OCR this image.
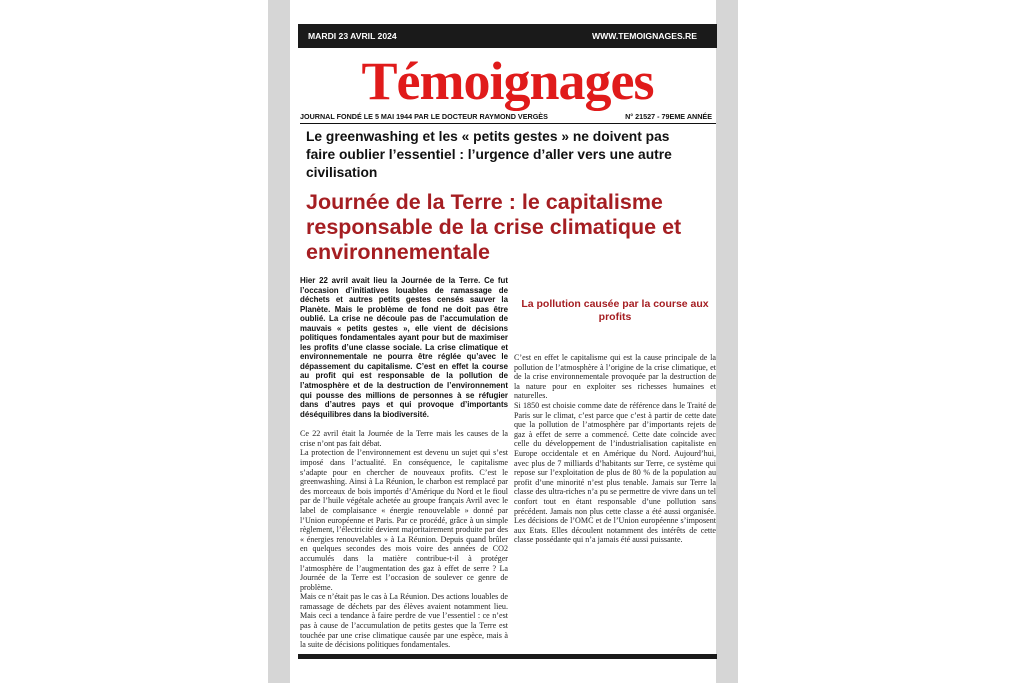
MARDI 23 AVRIL 2024	WWW.TEMOIGNAGES.RE
Témoignages
JOURNAL FONDÉ LE 5 MAI 1944 PAR LE DOCTEUR RAYMOND VERGÈS	N° 21527 - 79EME ANNÉE
Le greenwashing et les « petits gestes » ne doivent pas faire oublier l’essentiel : l’urgence d’aller vers une autre civilisation
Journée de la Terre : le capitalisme responsable de la crise climatique et environnementale

Hier 22 avril avait lieu la Journée de la Terre. Ce fut l’occasion d’initiatives louables de ramassage de déchets et autres petits gestes censés sauver la Planète. Mais le problème de fond ne doit pas être oublié. La crise ne découle pas de l’accumulation de mauvais « petits gestes », elle vient de décisions politiques fondamentales ayant pour but de maximiser les profits d’une classe sociale. La crise climatique et environnementale ne pourra être réglée qu’avec le dépassement du capitalisme. C’est en effet la course au profit qui est responsable de la pollution de l’atmosphère et de la destruction de l’environnement qui pousse des millions de personnes à se réfugier dans d’autres pays et qui provoque d’importants déséquilibres dans la biodiversité.

Ce 22 avril était la Journée de la Terre mais les causes de la crise n’ont pas fait débat.

La protection de l’environnement est devenu un sujet qui s’est imposé dans l’actualité. En conséquence, le capitalisme s’adapte pour en chercher de nouveaux profits. C’est le greenwashing. Ainsi à La Réunion, le charbon est remplacé par des morceaux de bois importés d’Amérique du Nord et le fioul par de l’huile végétale achetée au groupe français Avril avec le label de complaisance « énergie renouvelable » donné par l’Union européenne et Paris. Par ce procédé, grâce à un simple règlement, l’électricité devient majoritairement produite par des « énergies renouvelables » à La Réunion. Depuis quand brûler en quelques secondes des mois voire des années de CO2 accumulés dans la matière contribue-t-il à protéger l’atmosphère de l’augmentation des gaz à effet de serre ? La Journée de la Terre est l’occasion de soulever ce genre de problème.

Mais ce n’était pas le cas à La Réunion. Des actions louables de ramassage de déchets par des élèves avaient notamment lieu. Mais ceci a tendance à faire perdre de vue l’essentiel : ce n’est pas à cause de l’accumulation de petits gestes que la Terre est touchée par une crise climatique causée par une espèce, mais à la suite de décisions politiques fondamentales.

La pollution causée par la course aux profits

C’est en effet le capitalisme qui est la cause principale de la pollution de l’atmosphère à l’origine de la crise climatique, et de la crise environnementale provoquée par la destruction de la nature pour en exploiter ses richesses humaines et naturelles.

Si 1850 est choisie comme date de référence dans le Traité de Paris sur le climat, c’est parce que c’est à partir de cette date que la pollution de l’atmosphère par d’importants rejets de gaz à effet de serre a commencé. Cette date coïncide avec celle du développement de l’industrialisation capitaliste en Europe occidentale et en Amérique du Nord. Aujourd’hui, avec plus de 7 milliards d’habitants sur Terre, ce système qui repose sur l’exploitation de plus de 80 % de la population au profit d’une minorité n’est plus tenable. Jamais sur Terre la classe des ultra-riches n’a pu se permettre de vivre dans un tel confort tout en étant responsable d’une pollution sans précédent. Jamais non plus cette classe a été aussi organisée. Les décisions de l’OMC et de l’Union européenne s’imposent aux Etats. Elles découlent notamment des intérêts de cette classe possédante qui n’a jamais été aussi puissante.
